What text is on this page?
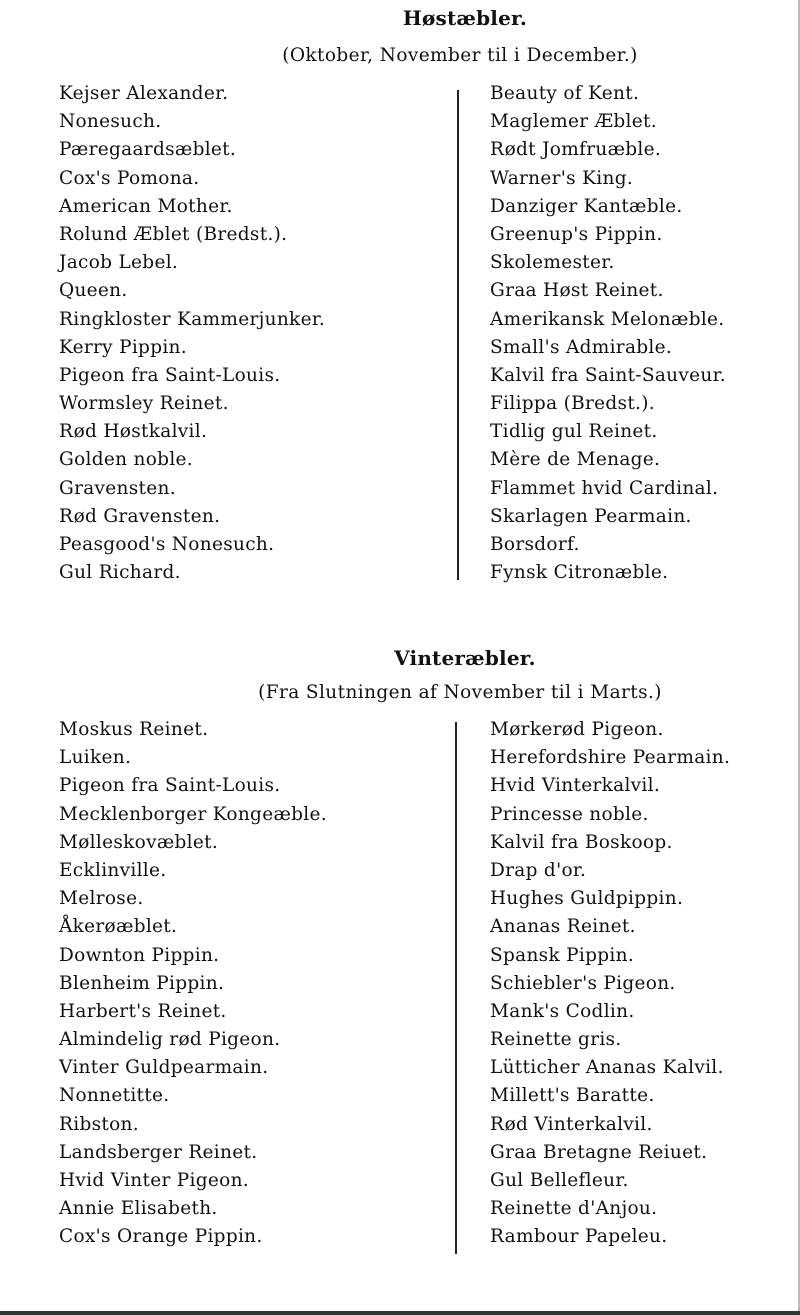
Høstæbler.
(Oktober, November til i December.)
Kejser Alexander.
Nonesuch.
Pæregaardsæblet.
Cox's Pomona.
American Mother.
Rolund Æblet (Bredst.).
Jacob Lebel.
Queen.
Ringkloster Kammerjunker.
Kerry Pippin.
Pigeon fra Saint-Louis.
Wormsley Reinet.
Rød Høstkalvil.
Golden noble.
Gravensten.
Rød Gravensten.
Peasgood's Nonesuch.
Gul Richard.
Beauty of Kent.
Maglemer Æblet.
Rødt Jomfruæble.
Warner's King.
Danziger Kantæble.
Greenup's Pippin.
Skolemester.
Graa Høst Reinet.
Amerikansk Melonæble.
Small's Admirable.
Kalvil fra Saint-Sauveur.
Filippa (Bredst.).
Tidlig gul Reinet.
Mère de Menage.
Flammet hvid Cardinal.
Skarlagen Pearmain.
Borsdorf.
Fynsk Citronæble.
Vinteræbler.
(Fra Slutningen af November til i Marts.)
Moskus Reinet.
Luiken.
Pigeon fra Saint-Louis.
Mecklenborger Kongeæble.
Mølleskovæblet.
Ecklinville.
Melrose.
Åkerøæblet.
Downton Pippin.
Blenheim Pippin.
Harbert's Reinet.
Almindelig rød Pigeon.
Vinter Guldpearmain.
Nonnetitte.
Ribston.
Landsberger Reinet.
Hvid Vinter Pigeon.
Annie Elisabeth.
Cox's Orange Pippin.
Mørkerød Pigeon.
Herefordshire Pearmain.
Hvid Vinterkalvil.
Princesse noble.
Kalvil fra Boskoop.
Drap d'or.
Hughes Guldpippin.
Ananas Reinet.
Spansk Pippin.
Schiebler's Pigeon.
Mank's Codlin.
Reinette gris.
Lütticher Ananas Kalvil.
Millett's Baratte.
Rød Vinterkalvil.
Graa Bretagne Reiuet.
Gul Bellefleur.
Reinette d'Anjou.
Rambour Papeleu.
